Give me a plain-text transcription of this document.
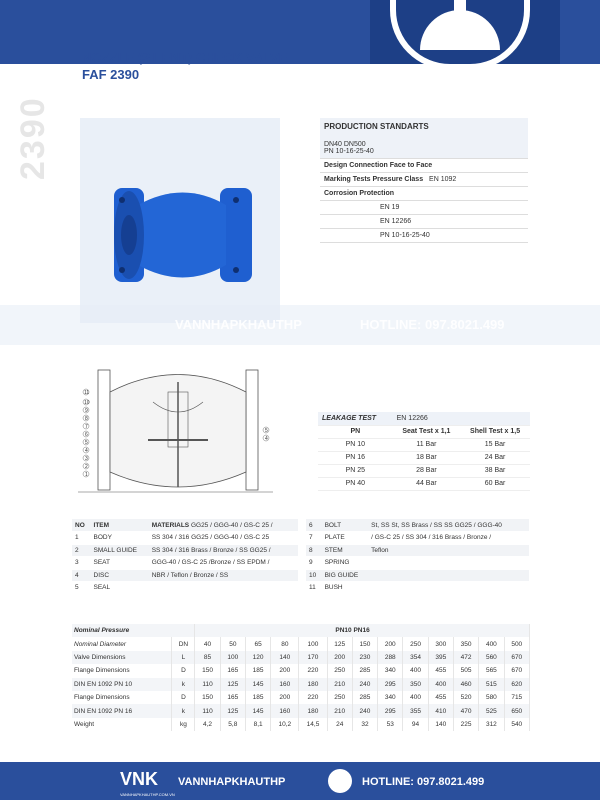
NOZZLE (SILENT) CHECK VALVE
FAF 2390
2390	PRODUCTION STANDARTS
DN40 DN500
PN 10-16-25-40
Design Connection Face to Face
Marking Tests Pressure Class EN 1092
Corrosion Protection
EN 19
EN 12266
PN 10-16-25-40
VANNHAPKHAUTHP	HOTLINE: 097.8021.499
11
10
9
8
7
6
5
4
3
2
1
5
4
LEAKAGE TEST	EN 12266	
PN	Seat Test x 1,1	Shell Test x 1,5
PN 10	11 Bar	15 Bar
PN 16	18 Bar	24 Bar
PN 25	28 Bar	38 Bar
PN 40	44 Bar	60 Bar
NO	ITEM	MATERIALS GG25 / GGG-40 / GS-C 25 /
1	BODY	SS 304 / 316 GG25 / GGG-40 / GS-C 25
2	SMALL GUIDE	SS 304 / 316 Brass / Bronze / SS GG25 /
3	SEAT	GGG-40 / GS-C 25 /Bronze / SS EPDM /
4	DISC	NBR / Teflon / Bronze / SS
5	SEAL	
6	BOLT	St, SS St, SS Brass / SS SS GG25 / GGG-40
7	PLATE	/ GS-C 25 / SS 304 / 316 Brass / Bronze /
8	STEM	Teflon
9	SPRING	
10	BIG GUIDE	
11	BUSH	
Nominal Pressure		PN10 PN16												
Nominal Diameter	DN	40	50	65	80	100	125	150	200	250	300	350	400	500
Valve Dimensions	L	85	100	120	140	170	200	230	288	354	395	472	560	670
Flange Dimensions	D	150	165	185	200	220	250	285	340	400	455	505	565	670
DIN EN 1092 PN 10	k	110	125	145	160	180	210	240	295	350	400	460	515	620
Flange Dimensions	D	150	165	185	200	220	250	285	340	400	455	520	580	715
DIN EN 1092 PN 16	k	110	125	145	160	180	210	240	295	355	410	470	525	650
Weight	kg	4,2	5,8	8,1	10,2	14,5	24	32	53	94	140	225	312	540
VNK
VANNHAPKHAUTHP.COM.VN
VANNHAPKHAUTHP	HOTLINE: 097.8021.499
